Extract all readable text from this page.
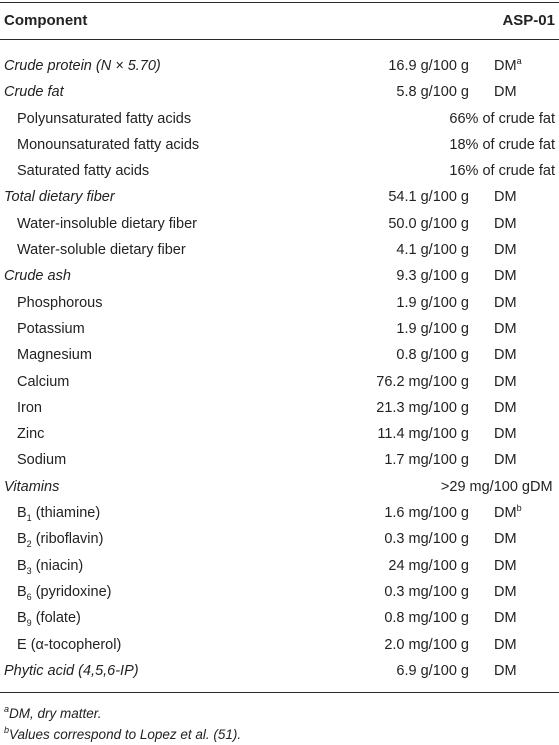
Component	ASP-01
Crude protein (N × 5.70)	16.9 g/100 g $DM^a$
Crude fat	5.8 g/100 g DM
Polyunsaturated fatty acids	66% of crude fat
Monounsaturated fatty acids	18% of crude fat
Saturated fatty acids	16% of crude fat
Total dietary fiber	54.1 g/100 g DM
Water-insoluble dietary fiber	50.0 g/100 g DM
Water-soluble dietary fiber	4.1 g/100 g DM
Crude ash	9.3 g/100 g DM
Phosphorous	1.9 g/100 g DM
Potassium	1.9 g/100 g DM
Magnesium	0.8 g/100 g DM
Calcium	76.2 mg/100 g DM
Iron	21.3 mg/100 g DM
Zinc	11.4 mg/100 g DM
Sodium	1.7 mg/100 g DM
Vitamins	>29 mg/100 g DM
$B_1$ (thiamine)	1.6 mg/100 g $DM^b$
$B_2$ (riboflavin)	0.3 mg/100 g DM
$B_3$ (niacin)	24 mg/100 g DM
$B_6$ (pyridoxine)	0.3 mg/100 g DM
$B_9$ (folate)	0.8 mg/100 g DM
E (α-tocopherol)	2.0 mg/100 g DM
Phytic acid (4,5,6-IP)	6.9 g/100 g DM
$^a$DM, dry matter.
$^b$Values correspond to Lopez et al. (51).
